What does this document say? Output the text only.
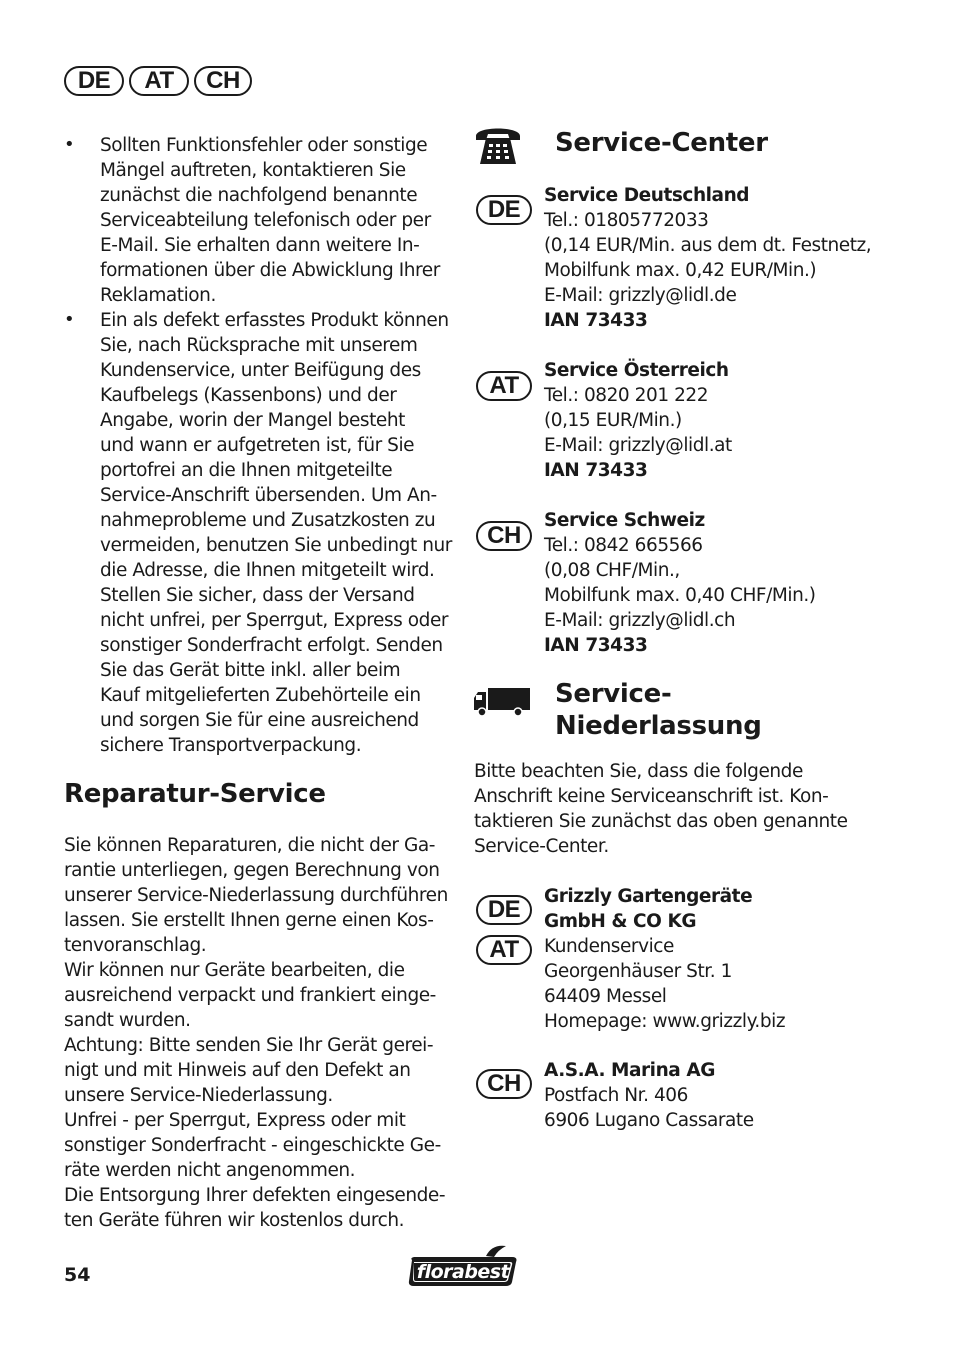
DE	AT	CH
• Sollten Funktionsfehler oder sonstige
Mängel auftreten, kontaktieren Sie
zunächst die nachfolgend benannte
Serviceabteilung telefonisch oder per
E-Mail. Sie erhalten dann weitere In-
formationen über die Abwicklung Ihrer
Reklamation.
• Ein als defekt erfasstes Produkt können
Sie, nach Rücksprache mit unserem
Kundenservice, unter Beifügung des
Kaufbelegs (Kassenbons) und der
Angabe, worin der Mangel besteht
und wann er aufgetreten ist, für Sie
portofrei an die Ihnen mitgeteilte
Service-Anschrift übersenden. Um An-
nahmeprobleme und Zusatzkosten zu
vermeiden, benutzen Sie unbedingt nur
die Adresse, die Ihnen mitgeteilt wird.
Stellen Sie sicher, dass der Versand
nicht unfrei, per Sperrgut, Express oder
sonstiger Sonderfracht erfolgt. Senden
Sie das Gerät bitte inkl. aller beim
Kauf mitgelieferten Zubehörteile ein
und sorgen Sie für eine ausreichend
sichere Transportverpackung.
Reparatur-Service
Sie können Reparaturen, die nicht der Ga-
rantie unterliegen, gegen Berechnung von
unserer Service-Niederlassung durchführen
lassen. Sie erstellt Ihnen gerne einen Kos-
tenvoranschlag.
Wir können nur Geräte bearbeiten, die
ausreichend verpackt und frankiert einge-
sandt wurden.
Achtung: Bitte senden Sie Ihr Gerät gerei-
nigt und mit Hinweis auf den Defekt an
unsere Service-Niederlassung.
Unfrei - per Sperrgut, Express oder mit
sonstiger Sonderfracht - eingeschickte Ge-
räte werden nicht angenommen.
Die Entsorgung Ihrer defekten eingesende-
ten Geräte führen wir kostenlos durch.
Service-Center
DE
Service Deutschland
Tel.: 01805772033
(0,14 EUR/Min. aus dem dt. Festnetz,
Mobilfunk max. 0,42 EUR/Min.)
E-Mail: grizzly@lidl.de
IAN 73433
AT
Service Österreich
Tel.: 0820 201 222
(0,15 EUR/Min.)
E-Mail: grizzly@lidl.at
IAN 73433
CH
Service Schweiz
Tel.: 0842 665566
(0,08 CHF/Min.,
Mobilfunk max. 0,40 CHF/Min.)
E-Mail: grizzly@lidl.ch
IAN 73433
Service-
Niederlassung
Bitte beachten Sie, dass die folgende
Anschrift keine Serviceanschrift ist. Kon-
taktieren Sie zunächst das oben genannte
Service-Center.
DE
AT
Grizzly Gartengeräte
GmbH & CO KG
Kundenservice
Georgenhäuser Str. 1
64409 Messel
Homepage: www.grizzly.biz
CH	A.S.A. Marina AG
Postfach Nr. 406
6906 Lugano Cassarate
54	florabest
